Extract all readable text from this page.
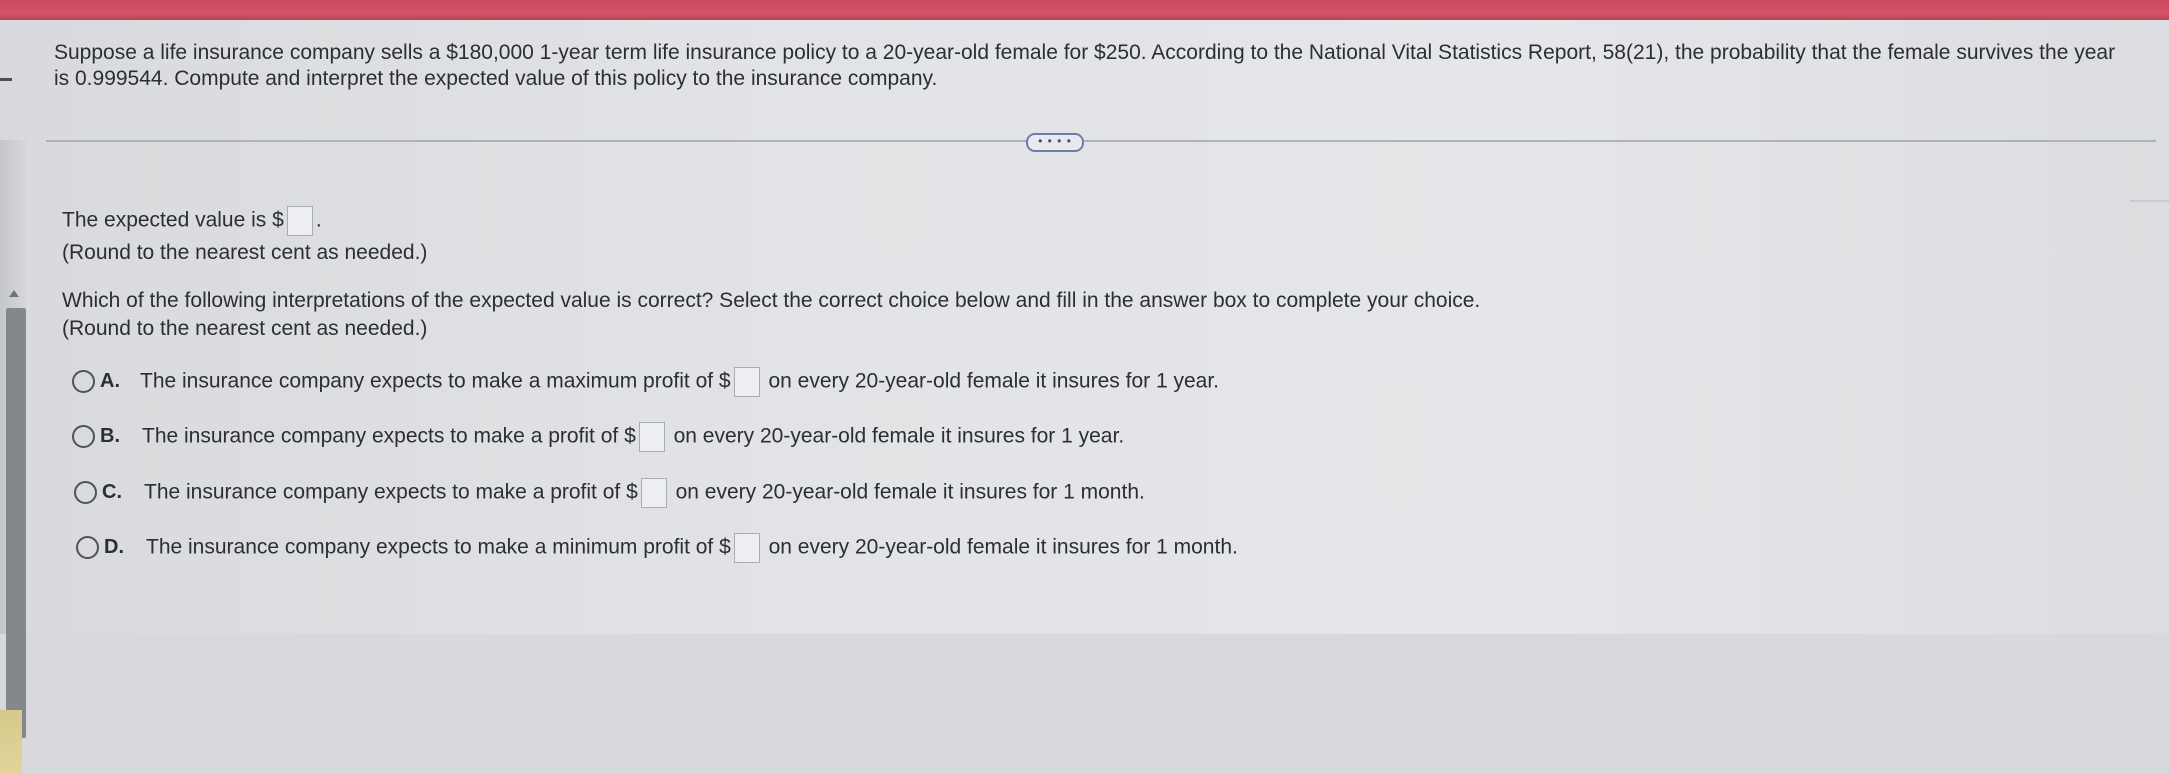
Suppose a life insurance company sells a $180,000 1-year term life insurance policy to a 20-year-old female for $250. According to the National Vital Statistics Report, 58(21), the probability that the female survives the year is 0.999544. Compute and interpret the expected value of this policy to the insurance company.
• • • •
The expected value is $ .
(Round to the nearest cent as needed.)
Which of the following interpretations of the expected value is correct? Select the correct choice below and fill in the answer box to complete your choice.
(Round to the nearest cent as needed.)
A. The insurance company expects to make a maximum profit of $ on every 20-year-old female it insures for 1 year.
B. The insurance company expects to make a profit of $ on every 20-year-old female it insures for 1 year.
C. The insurance company expects to make a profit of $ on every 20-year-old female it insures for 1 month.
D. The insurance company expects to make a minimum profit of $ on every 20-year-old female it insures for 1 month.
